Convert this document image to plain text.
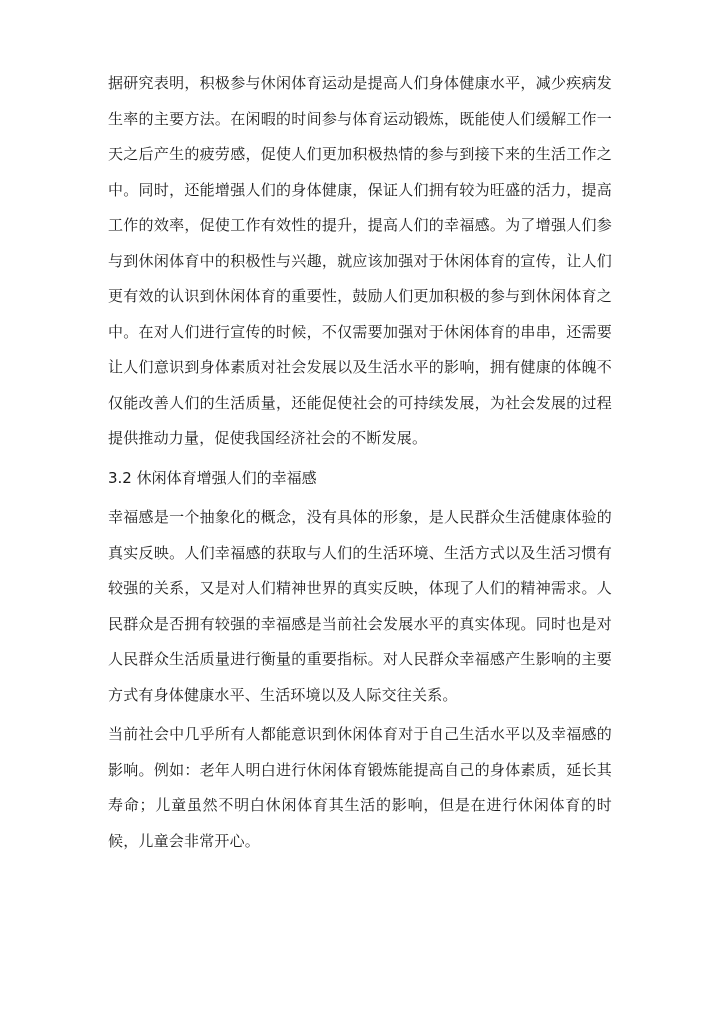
据研究表明，积极参与休闲体育运动是提高人们身体健康水平，减少疾病发生率的主要方法。在闲暇的时间参与体育运动锻炼，既能使人们缓解工作一天之后产生的疲劳感，促使人们更加积极热情的参与到接下来的生活工作之中。同时，还能增强人们的身体健康，保证人们拥有较为旺盛的活力，提高工作的效率，促使工作有效性的提升，提高人们的幸福感。为了增强人们参与到休闲体育中的积极性与兴趣，就应该加强对于休闲体育的宣传，让人们更有效的认识到休闲体育的重要性，鼓励人们更加积极的参与到休闲体育之中。在对人们进行宣传的时候，不仅需要加强对于休闲体育的串串，还需要让人们意识到身体素质对社会发展以及生活水平的影响，拥有健康的体魄不仅能改善人们的生活质量，还能促使社会的可持续发展，为社会发展的过程提供推动力量，促使我国经济社会的不断发展。

3.2 休闲体育增强人们的幸福感

幸福感是一个抽象化的概念，没有具体的形象，是人民群众生活健康体验的真实反映。人们幸福感的获取与人们的生活环境、生活方式以及生活习惯有较强的关系，又是对人们精神世界的真实反映，体现了人们的精神需求。人民群众是否拥有较强的幸福感是当前社会发展水平的真实体现。同时也是对人民群众生活质量进行衡量的重要指标。对人民群众幸福感产生影响的主要方式有身体健康水平、生活环境以及人际交往关系。

当前社会中几乎所有人都能意识到休闲体育对于自己生活水平以及幸福感的影响。例如：老年人明白进行休闲体育锻炼能提高自己的身体素质，延长其寿命；儿童虽然不明白休闲体育其生活的影响，但是在进行休闲体育的时候，儿童会非常开心。
